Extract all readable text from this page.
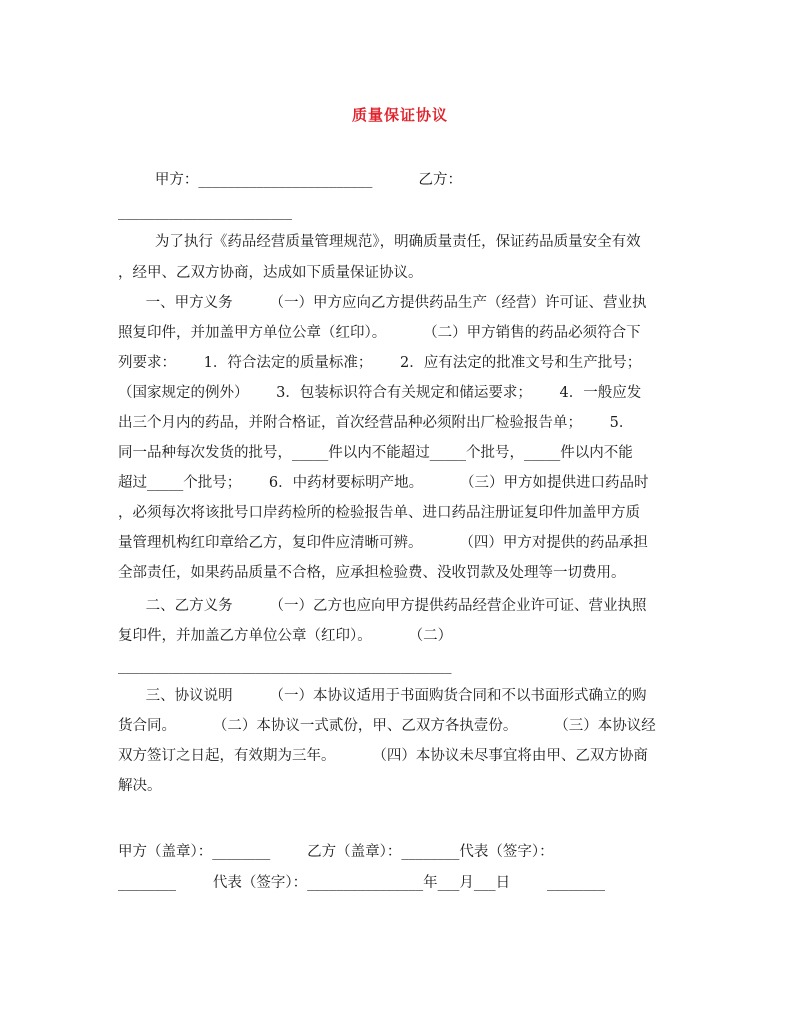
质量保证协议
甲方：________________________          乙方：
________________________
为了执行《药品经营质量管理规范》，明确质量责任，保证药品质量安全有效
，经甲、乙双方协商，达成如下质量保证协议。
一、甲方义务        （一）甲方应向乙方提供药品生产（经营）许可证、营业执
照复印件，并加盖甲方单位公章（红印）。        （二）甲方销售的药品必须符合下
列要求：      1．符合法定的质量标准；      2．应有法定的批准文号和生产批号；
（国家规定的例外）      3．包装标识符合有关规定和储运要求；      4．一般应发
出三个月内的药品，并附合格证，首次经营品种必须附出厂检验报告单；      5．
同一品种每次发货的批号，_____件以内不能超过_____个批号，_____件以内不能
超过_____个批号；      6．中药材要标明产地。        （三）甲方如提供进口药品时
，必须每次将该批号口岸药检所的检验报告单、进口药品注册证复印件加盖甲方质
量管理机构红印章给乙方，复印件应清晰可辨。        （四）甲方对提供的药品承担
全部责任，如果药品质量不合格，应承担检验费、没收罚款及处理等一切费用。
二、乙方义务        （一）乙方也应向甲方提供药品经营企业许可证、营业执照
复印件，并加盖乙方单位公章（红印）。        （二）
______________________________________________
三、协议说明        （一）本协议适用于书面购货合同和不以书面形式确立的购
货合同。        （二）本协议一式贰份，甲、乙双方各执壹份。        （三）本协议经
双方签订之日起，有效期为三年。        （四）本协议未尽事宜将由甲、乙双方协商
解决。
甲方（盖章）：________        乙方（盖章）：________代表（签字）：
________        代表（签字）：________________年___月___日        ________
